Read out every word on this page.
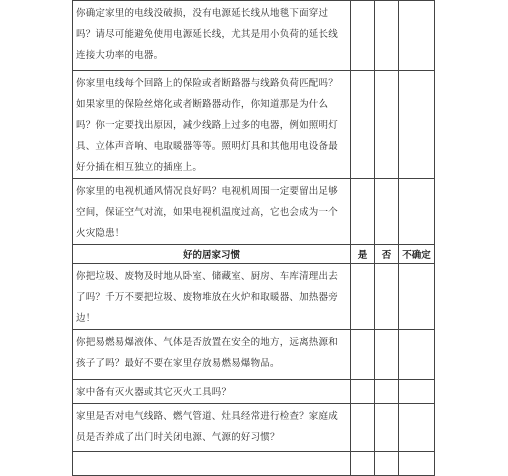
你确定家里的电线没破损，没有电源延长线从地毯下面穿过吗？请尽可能避免使用电源延长线，尤其是用小负荷的延长线连接大功率的电器。			
你家里电线每个回路上的保险或者断路器与线路负荷匹配吗？如果家里的保险丝熔化或者断路器动作，你知道那是为什么吗？你一定要找出原因，减少线路上过多的电器，例如照明灯具、立体声音响、电取暖器等等。照明灯具和其他用电设备最好分插在相互独立的插座上。			
你家里的电视机通风情况良好吗？电视机周围一定要留出足够空间，保证空气对流，如果电视机温度过高，它也会成为一个火灾隐患！			
好的居家习惯	是	否	不确定
你把垃圾、废物及时地从卧室、储藏室、厨房、车库清理出去了吗？千万不要把垃圾、废物堆放在火炉和取暖器、加热器旁边！			
你把易燃易爆液体、气体是否放置在安全的地方，远离热源和孩子了吗？最好不要在家里存放易燃易爆物品。			
家中备有灭火器或其它灭火工具吗？			
家里是否对电气线路、燃气管道、灶具经常进行检查？家庭成员是否养成了出门时关闭电源、气源的好习惯？			
